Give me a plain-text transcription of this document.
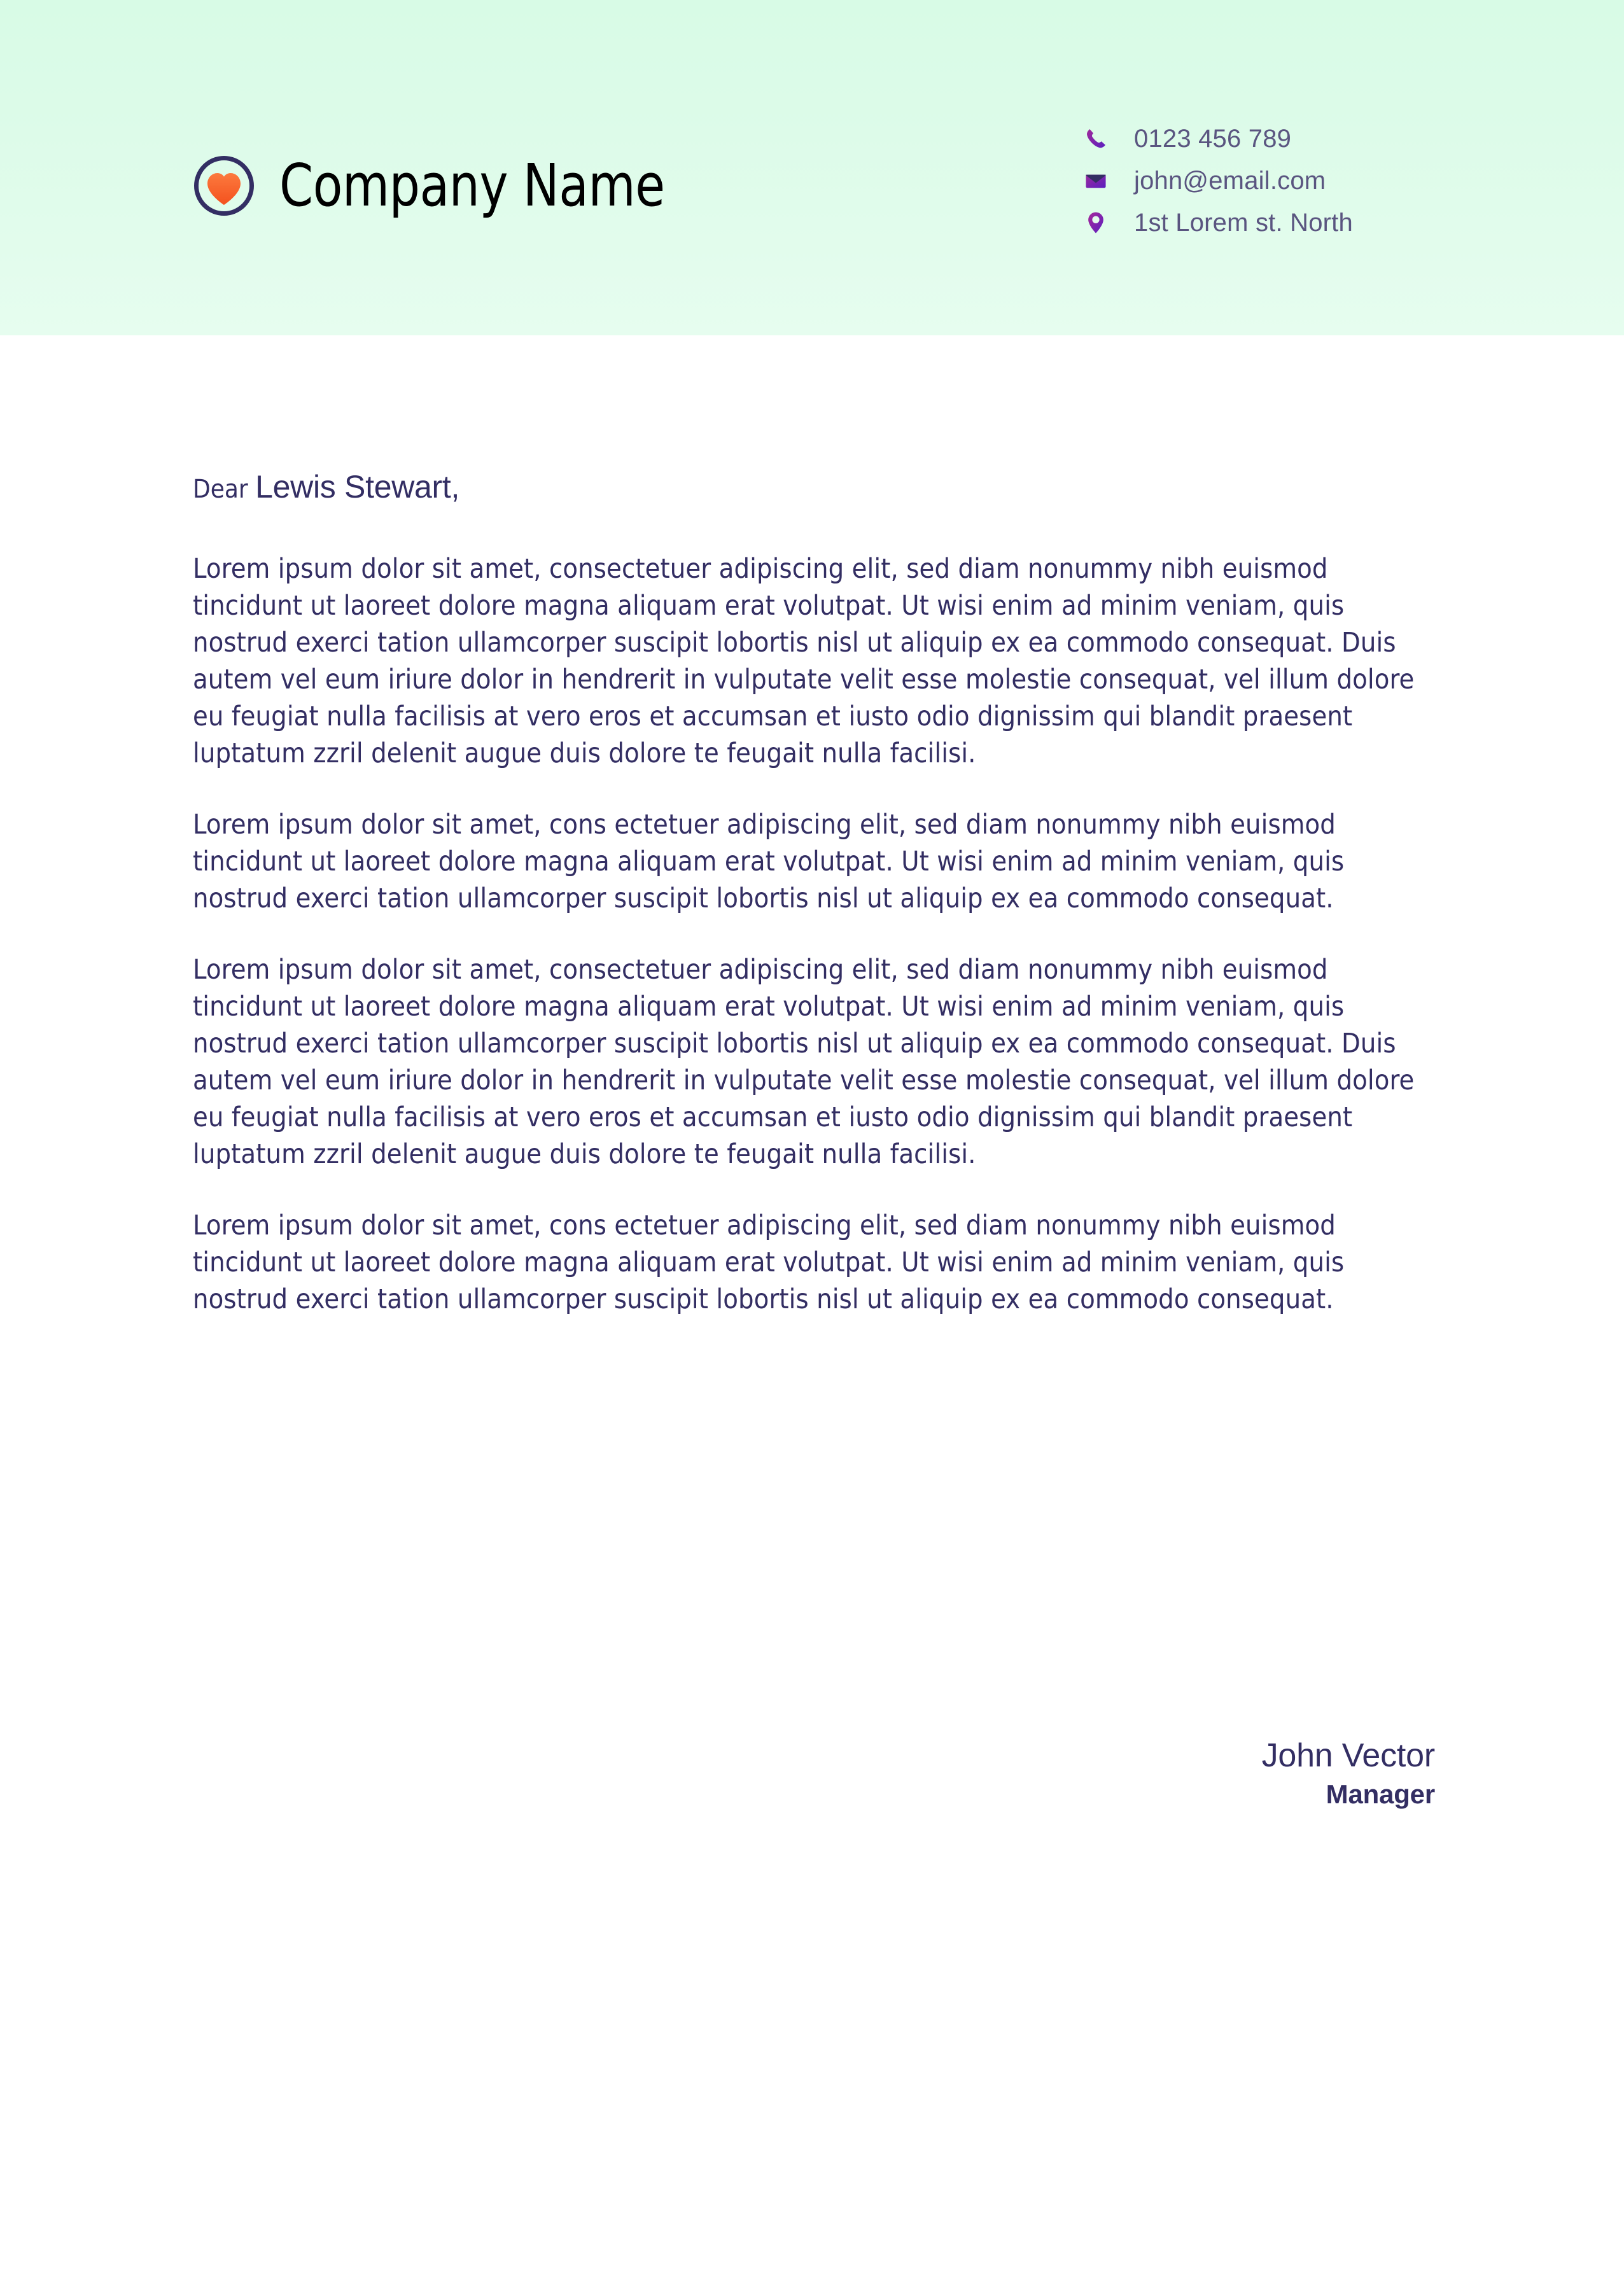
Company Name
0123 456 789
john@email.com
1st Lorem st. North
Dear Lewis Stewart,

Lorem ipsum dolor sit amet, consectetuer adipiscing elit, sed diam nonummy nibh euismod tincidunt ut laoreet dolore magna aliquam erat volutpat. Ut wisi enim ad minim veniam, quis nostrud exerci tation ullamcorper suscipit lobortis nisl ut aliquip ex ea commodo consequat. Duis autem vel eum iriure dolor in hendrerit in vulputate velit esse molestie consequat, vel illum dolore eu feugiat nulla facilisis at vero eros et accumsan et iusto odio dignissim qui blandit praesent luptatum zzril delenit augue duis dolore te feugait nulla facilisi.

Lorem ipsum dolor sit amet, cons ectetuer adipiscing elit, sed diam nonummy nibh euismod tincidunt ut laoreet dolore magna aliquam erat volutpat. Ut wisi enim ad minim veniam, quis nostrud exerci tation ullamcorper suscipit lobortis nisl ut aliquip ex ea commodo consequat.

Lorem ipsum dolor sit amet, consectetuer adipiscing elit, sed diam nonummy nibh euismod tincidunt ut laoreet dolore magna aliquam erat volutpat. Ut wisi enim ad minim veniam, quis nostrud exerci tation ullamcorper suscipit lobortis nisl ut aliquip ex ea commodo consequat. Duis autem vel eum iriure dolor in hendrerit in vulputate velit esse molestie consequat, vel illum dolore eu feugiat nulla facilisis at vero eros et accumsan et iusto odio dignissim qui blandit praesent luptatum zzril delenit augue duis dolore te feugait nulla facilisi.

Lorem ipsum dolor sit amet, cons ectetuer adipiscing elit, sed diam nonummy nibh euismod tincidunt ut laoreet dolore magna aliquam erat volutpat. Ut wisi enim ad minim veniam, quis nostrud exerci tation ullamcorper suscipit lobortis nisl ut aliquip ex ea commodo consequat.

John Vector
Manager
